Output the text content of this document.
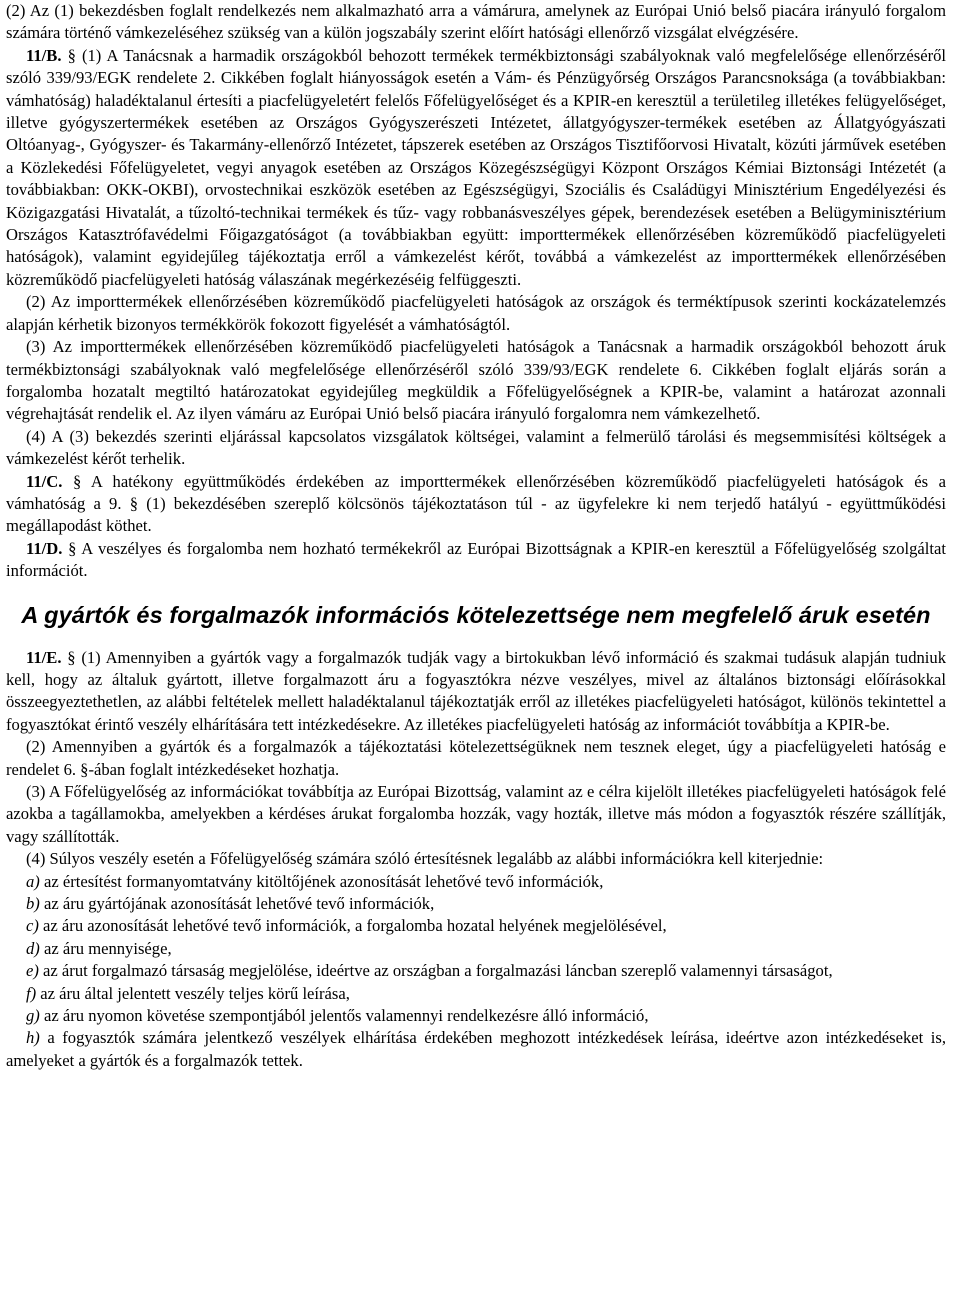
(2) Az (1) bekezdésben foglalt rendelkezés nem alkalmazható arra a vámárura, amelynek az Európai Unió belső piacára irányuló forgalom számára történő vámkezeléséhez szükség van a külön jogszabály szerint előírt hatósági ellenőrző vizsgálat elvégzésére.

11/B. § (1) A Tanácsnak a harmadik országokból behozott termékek termékbiztonsági szabályoknak való megfelelősége ellenőrzéséről szóló 339/93/EGK rendelete 2. Cikkében foglalt hiányosságok esetén a Vám- és Pénzügyőrség Országos Parancsnoksága (a továbbiakban: vámhatóság) haladéktalanul értesíti a piacfelügyeletért felelős Főfelügyelőséget és a KPIR-en keresztül a területileg illetékes felügyelőséget, illetve gyógyszertermékek esetében az Országos Gyógyszerészeti Intézetet, állatgyógyszer-termékek esetében az Állatgyógyászati Oltóanyag-, Gyógyszer- és Takarmány-ellenőrző Intézetet, tápszerek esetében az Országos Tisztifőorvosi Hivatalt, közúti járművek esetében a Közlekedési Főfelügyeletet, vegyi anyagok esetében az Országos Közegészségügyi Központ Országos Kémiai Biztonsági Intézetét (a továbbiakban: OKK-OKBI), orvostechnikai eszközök esetében az Egészségügyi, Szociális és Családügyi Minisztérium Engedélyezési és Közigazgatási Hivatalát, a tűzoltó-technikai termékek és tűz- vagy robbanásveszélyes gépek, berendezések esetében a Belügyminisztérium Országos Katasztrófavédelmi Főigazgatóságot (a továbbiakban együtt: importtermékek ellenőrzésében közreműködő piacfelügyeleti hatóságok), valamint egyidejűleg tájékoztatja erről a vámkezelést kérőt, továbbá a vámkezelést az importtermékek ellenőrzésében közreműködő piacfelügyeleti hatóság válaszának megérkezéséig felfüggeszti.

(2) Az importtermékek ellenőrzésében közreműködő piacfelügyeleti hatóságok az országok és terméktípusok szerinti kockázatelemzés alapján kérhetik bizonyos termékkörök fokozott figyelését a vámhatóságtól.

(3) Az importtermékek ellenőrzésében közreműködő piacfelügyeleti hatóságok a Tanácsnak a harmadik országokból behozott áruk termékbiztonsági szabályoknak való megfelelősége ellenőrzéséről szóló 339/93/EGK rendelete 6. Cikkében foglalt eljárás során a forgalomba hozatalt megtiltó határozatokat egyidejűleg megküldik a Főfelügyelőségnek a KPIR-be, valamint a határozat azonnali végrehajtását rendelik el. Az ilyen vámáru az Európai Unió belső piacára irányuló forgalomra nem vámkezelhető.

(4) A (3) bekezdés szerinti eljárással kapcsolatos vizsgálatok költségei, valamint a felmerülő tárolási és megsemmisítési költségek a vámkezelést kérőt terhelik.

11/C. § A hatékony együttműködés érdekében az importtermékek ellenőrzésében közreműködő piacfelügyeleti hatóságok és a vámhatóság a 9. § (1) bekezdésében szereplő kölcsönös tájékoztatáson túl - az ügyfelekre ki nem terjedő hatályú - együttműködési megállapodást köthet.

11/D. § A veszélyes és forgalomba nem hozható termékekről az Európai Bizottságnak a KPIR-en keresztül a Főfelügyelőség szolgáltat információt.

A gyártók és forgalmazók információs kötelezettsége nem megfelelő áruk esetén

11/E. § (1) Amennyiben a gyártók vagy a forgalmazók tudják vagy a birtokukban lévő információ és szakmai tudásuk alapján tudniuk kell, hogy az általuk gyártott, illetve forgalmazott áru a fogyasztókra nézve veszélyes, mivel az általános biztonsági előírásokkal összeegyeztethetlen, az alábbi feltételek mellett haladéktalanul tájékoztatják erről az illetékes piacfelügyeleti hatóságot, különös tekintettel a fogyasztókat érintő veszély elhárítására tett intézkedésekre. Az illetékes piacfelügyeleti hatóság az információt továbbítja a KPIR-be.

(2) Amennyiben a gyártók és a forgalmazók a tájékoztatási kötelezettségüknek nem tesznek eleget, úgy a piacfelügyeleti hatóság e rendelet 6. §-ában foglalt intézkedéseket hozhatja.

(3) A Főfelügyelőség az információkat továbbítja az Európai Bizottság, valamint az e célra kijelölt illetékes piacfelügyeleti hatóságok felé azokba a tagállamokba, amelyekben a kérdéses árukat forgalomba hozzák, vagy hozták, illetve más módon a fogyasztók részére szállítják, vagy szállították.

(4) Súlyos veszély esetén a Főfelügyelőség számára szóló értesítésnek legalább az alábbi információkra kell kiterjednie:

a) az értesítést formanyomtatvány kitöltőjének azonosítását lehetővé tevő információk,
b) az áru gyártójának azonosítását lehetővé tevő információk,
c) az áru azonosítását lehetővé tevő információk, a forgalomba hozatal helyének megjelölésével,
d) az áru mennyisége,
e) az árut forgalmazó társaság megjelölése, ideértve az országban a forgalmazási láncban szereplő valamennyi társaságot,
f) az áru által jelentett veszély teljes körű leírása,
g) az áru nyomon követése szempontjából jelentős valamennyi rendelkezésre álló információ,
h) a fogyasztók számára jelentkező veszélyek elhárítása érdekében meghozott intézkedések leírása, ideértve azon intézkedéseket is, amelyeket a gyártók és a forgalmazók tettek.
